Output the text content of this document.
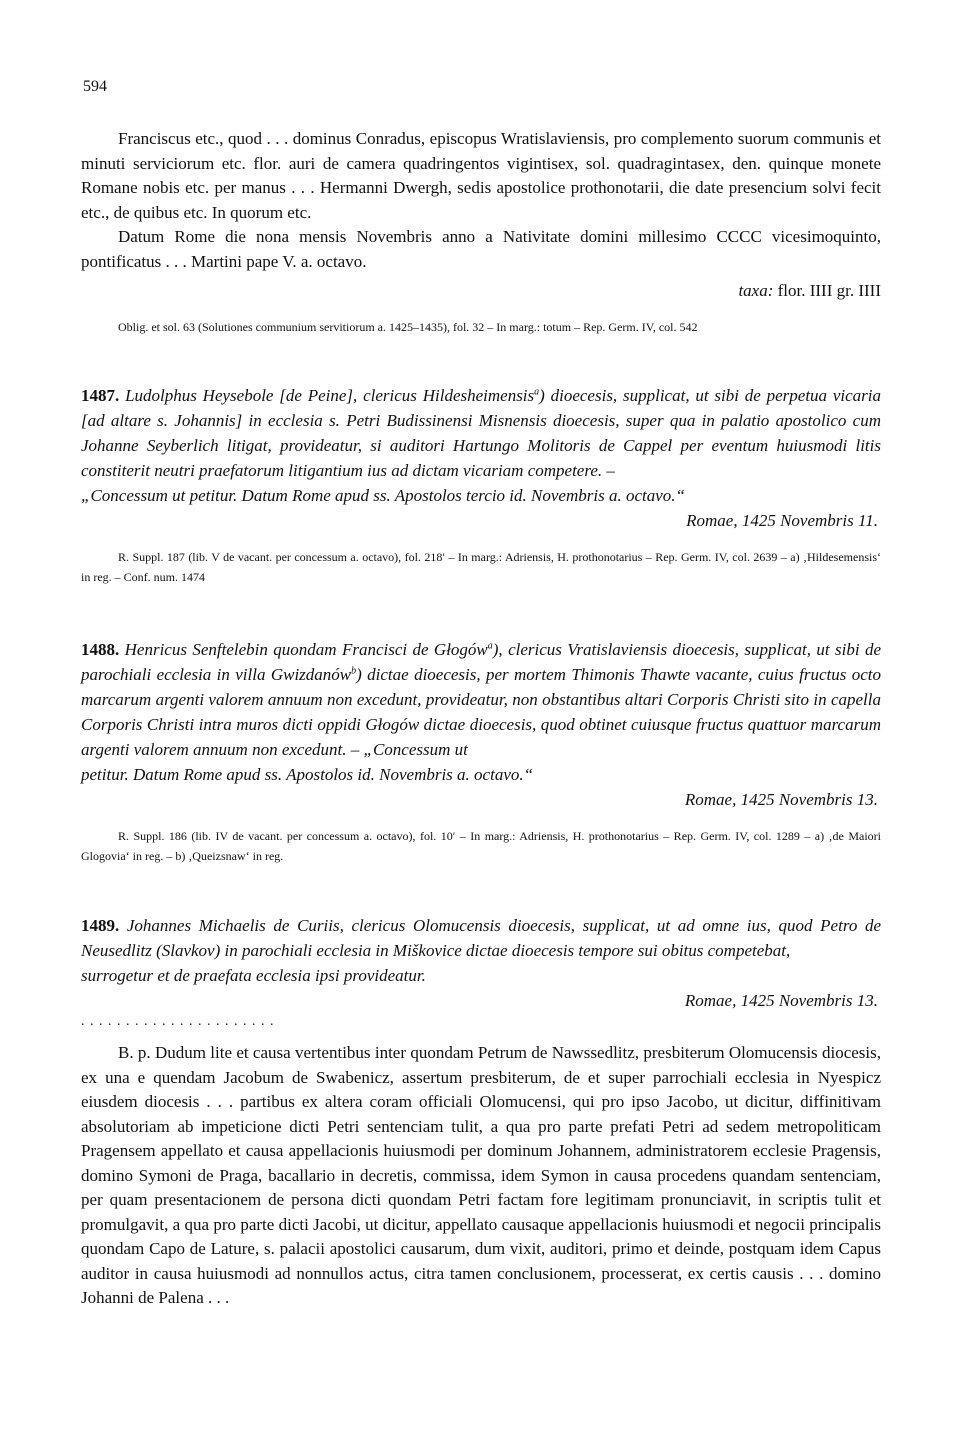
594

Franciscus etc., quod . . . dominus Conradus, episcopus Wratislaviensis, pro complemento suorum communis et minuti serviciorum etc. flor. auri de camera quadringentos vigintisex, sol. quadragintasex, den. quinque monete Romane nobis etc. per manus . . . Hermanni Dwergh, sedis apostolice prothonotarii, die date presencium solvi fecit etc., de quibus etc. In quorum etc.

Datum Rome die nona mensis Novembris anno a Nativitate domini millesimo CCCC vicesimoquinto, pontificatus . . . Martini pape V. a. octavo.

taxa: flor. IIII gr. IIII

Oblig. et sol. 63 (Solutiones communium servitiorum a. 1425–1435), fol. 32 – In marg.: totum – Rep. Germ. IV, col. 542

1487. Ludolphus Heysebole [de Peine], clericus Hildesheimensis$^a$) dioecesis, supplicat, ut sibi de perpetua vicaria [ad altare s. Johannis] in ecclesia s. Petri Budissinensi Misnensis dioecesis, super qua in palatio apostolico cum Johanne Seyberlich litigat, provideatur, si auditori Hartungo Molitoris de Cappel per eventum huiusmodi litis constiterit neutri praefatorum litigantium ius ad dictam vicariam competere. –

„Concessum ut petitur. Datum Rome apud ss. Apostolos tercio id. Novembris a. octavo.“

Romae, 1425 Novembris 11.

R. Suppl. 187 (lib. V de vacant. per concessum a. octavo), fol. 218′ – In marg.: Adriensis, H. prothonotarius – Rep. Germ. IV, col. 2639 – a) ‚Hildesemensis‘ in reg. – Conf. num. 1474

1488. Henricus Senftelebin quondam Francisci de Głogów$^a$), clericus Vratislaviensis dioecesis, supplicat, ut sibi de parochiali ecclesia in villa Gwizdanów$^b$) dictae dioecesis, per mortem Thimonis Thawte vacante, cuius fructus octo marcarum argenti valorem annuum non excedunt, provideatur, non obstantibus altari Corporis Christi sito in capella Corporis Christi intra muros dicti oppidi Głogów dictae dioecesis, quod obtinet cuiusque fructus quattuor marcarum argenti valorem annuum non excedunt. – „Concessum ut

petitur. Datum Rome apud ss. Apostolos id. Novembris a. octavo.“

Romae, 1425 Novembris 13.

R. Suppl. 186 (lib. IV de vacant. per concessum a. octavo), fol. 10′ – In marg.: Adriensis, H. prothonotarius – Rep. Germ. IV, col. 1289 – a) ‚de Maiori Glogovia‘ in reg. – b) ‚Queizsnaw‘ in reg.

1489. Johannes Michaelis de Curiis, clericus Olomucensis dioecesis, supplicat, ut ad omne ius, quod Petro de Neusedlitz (Slavkov) in parochiali ecclesia in Miškovice dictae dioecesis tempore sui obitus competebat,

surrogetur et de praefata ecclesia ipsi provideatur.

Romae, 1425 Novembris 13.

. . . . . . . . . . . . . . . . . . . . . .

B. p. Dudum lite et causa vertentibus inter quondam Petrum de Nawssedlitz, presbiterum Olomucensis diocesis, ex una e quendam Jacobum de Swabenicz, assertum presbiterum, de et super parrochiali ecclesia in Nyespicz eiusdem diocesis . . . partibus ex altera coram officiali Olomucensi, qui pro ipso Jacobo, ut dicitur, diffinitivam absolutoriam ab impeticione dicti Petri sentenciam tulit, a qua pro parte prefati Petri ad sedem metropoliticam Pragensem appellato et causa appellacionis huiusmodi per dominum Johannem, administratorem ecclesie Pragensis, domino Symoni de Praga, bacallario in decretis, commissa, idem Symon in causa procedens quandam sentenciam, per quam presentacionem de persona dicti quondam Petri factam fore legitimam pronunciavit, in scriptis tulit et promulgavit, a qua pro parte dicti Jacobi, ut dicitur, appellato causaque appellacionis huiusmodi et negocii principalis quondam Capo de Lature, s. palacii apostolici causarum, dum vixit, auditori, primo et deinde, postquam idem Capus auditor in causa huiusmodi ad nonnullos actus, citra tamen conclusionem, processerat, ex certis causis . . . domino Johanni de Palena . . .
